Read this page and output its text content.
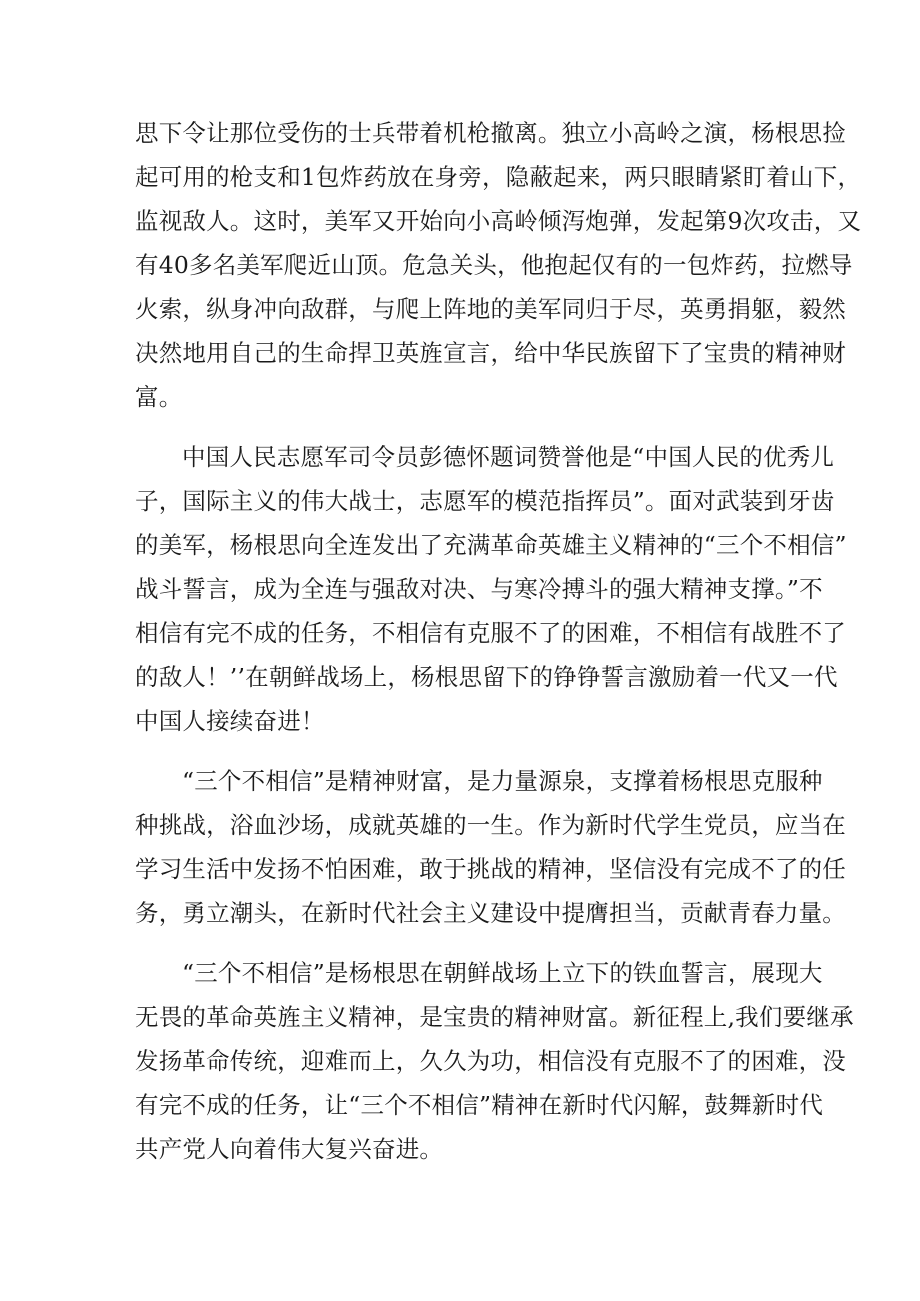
思下令让那位受伤的士兵带着机枪撤离。独立小高岭之演，杨根思捡

起可用的枪支和1包炸药放在身旁，隐蔽起来，两只眼睛紧盯着山下，

监视敌人。这时，美军又开始向小高岭倾泻炮弹，发起第9次攻击，又

有40多名美军爬近山顶。危急关头，他抱起仅有的一包炸药，拉燃导

火索，纵身冲向敌群，与爬上阵地的美军同归于尽，英勇捐躯，毅然

决然地用自己的生命捍卫英旌宣言，给中华民族留下了宝贵的精神财

富。

中国人民志愿军司令员彭德怀题词赞誉他是“中国人民的优秀儿

子，国际主义的伟大战士，志愿军的模范指挥员”。面对武装到牙齿

的美军，杨根思向全连发出了充满革命英雄主义精神的“三个不相信”

战斗誓言，成为全连与强敌对决、与寒冷搏斗的强大精神支撑。”不

相信有完不成的任务，不相信有克服不了的困难，不相信有战胜不了

的敌人！’’在朝鲜战场上，杨根思留下的铮铮誓言激励着一代又一代

中国人接续奋进！

“三个不相信”是精神财富，是力量源泉，支撑着杨根思克服种

种挑战，浴血沙场，成就英雄的一生。作为新时代学生党员，应当在

学习生活中发扬不怕困难，敢于挑战的精神，坚信没有完成不了的任

务，勇立潮头，在新时代社会主义建设中提膺担当，贡献青春力量。

“三个不相信”是杨根思在朝鲜战场上立下的铁血誓言，展现大

无畏的革命英旌主义精神，是宝贵的精神财富。新征程上,我们要继承

发扬革命传统，迎难而上，久久为功，相信没有克服不了的困难，没

有完不成的任务，让“三个不相信”精神在新时代闪解，鼓舞新时代

共产党人向着伟大复兴奋进。
